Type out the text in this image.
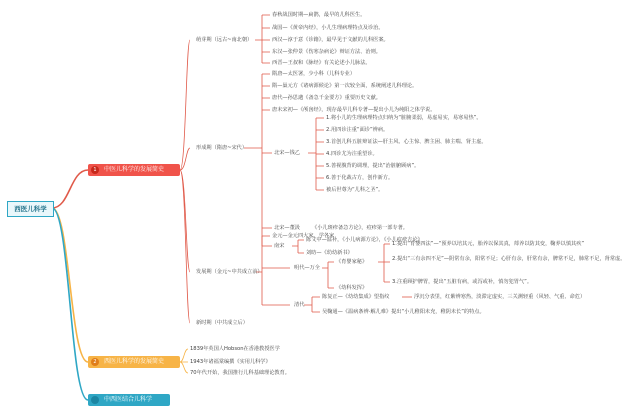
西医儿科学
1	中医儿科学的发展简史
2	西医儿科学的发展简史
中西医结合儿科学
萌芽期（远古~南北朝）
形成期（隋唐~宋代）
发展期（金元~中共成立前）
新时期（中共成立后）
春秋战国时期—扁鹊，最早的儿科医生。
战国—《黄帝内经》，小儿生理病理特点及诊治。
西汉—淳于意《诊籍》，最早见于文献的儿科医案。
东汉—张仲景《伤寒杂病论》辩证方法、治则。
西晋—王叔和《脉经》有关论述小儿脉法。
隋唐—太医署，少小科（儿科专业）
隋—巢元方《诸病源候论》第一次较全面，系统阐述儿科理论。
唐代—孙思邈《备急千金要方》重要历史文献。
唐末宋初—《颅囟经》，现存最早儿科专著—提出小儿为纯阳之体学说。
北宋—钱乙
1.将小儿的生理病理特点归纳为“脏腑柔弱，易虚易实，易寒易热”。
2.用四诊注重“面诊”辨病。
3.首创儿科五脏辩证法—肝主风、心主惊、脾主困、肺主喘、肾主虚。
4.四诊尤为注重望诊。
5.善视腹背的调理，提出“治脏腑顾病”。
6.善于化裁古方，创作新方。
被后世尊为“儿科之圣”。
北宋—董汲 《小儿斑疹备急方论》，痘疹第一部专著。
南宋
陈文中—温补，《小儿病源方论》，《小儿痘疹方论》
刘昉—《幼幼新书》
金元—金元四大家，学各家
明代—万全
《育婴家秘》
1.提出“育婴四法”—“预养以培其元，胎养以保其真，蓐养以防其变，鞠养以慎其疾”
2.提出“三有余四不足”—阴常有余，阳常不足；心肝有余，肝常有余，脾常不足，肺常不足，肾常虚。
3.注重顾护脾胃，提出“五脏有病，或泻或补，慎勿犯胃气”。
《幼科发挥》
清代
陈复正—《幼幼集成》望指纹	浮沉分表里，红紫辨寒热，淡滞定虚实，三关测轻重（风轻、气重、命危）
吴鞠通—《温病条辨·解儿难》提出“小儿稚阳未充，稚阴未长”的特点。
1839年英国人Hobson在香港教授医学
1943年诸福棠编撰《实用儿科学》
70年代开始，我国推行儿科基础理论教育。
